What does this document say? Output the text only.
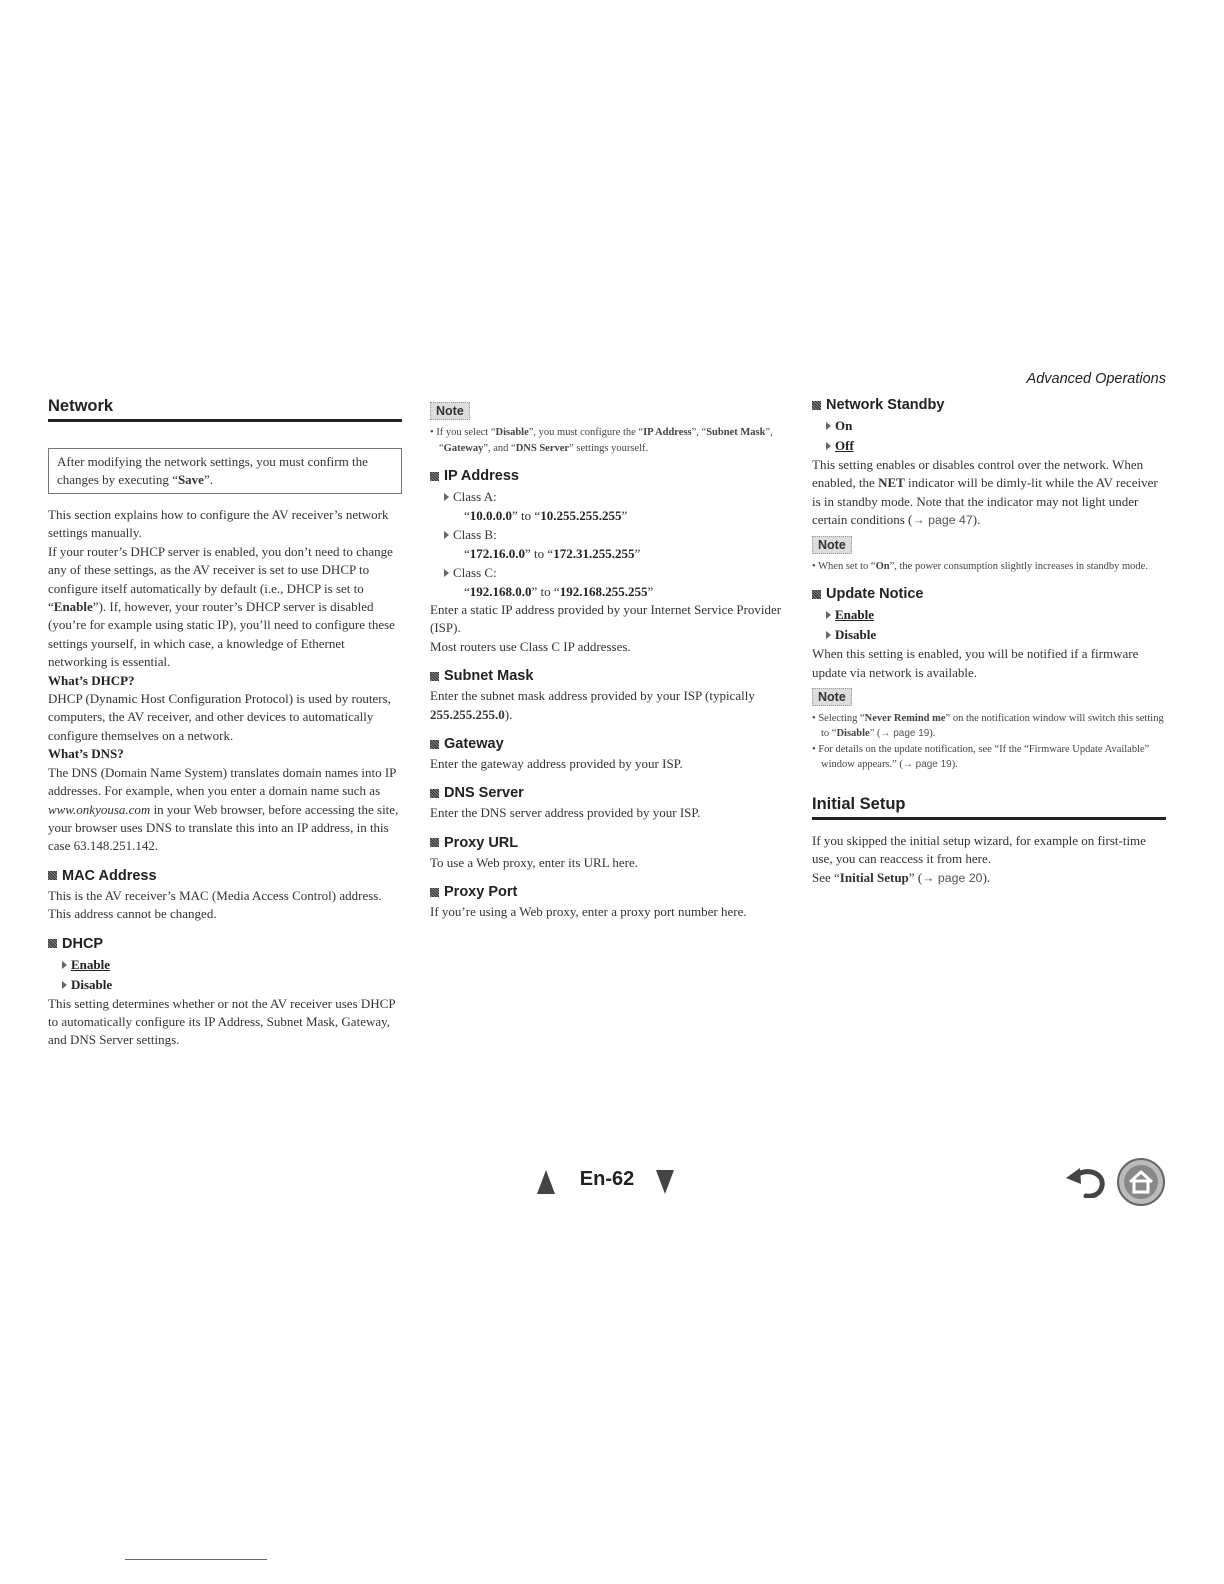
Advanced Operations
Network
After modifying the network settings, you must confirm the changes by executing “Save”.

This section explains how to configure the AV receiver’s network settings manually.

If your router’s DHCP server is enabled, you don’t need to change any of these settings, as the AV receiver is set to use DHCP to configure itself automatically by default (i.e., DHCP is set to “Enable”). If, however, your router’s DHCP server is disabled (you’re for example using static IP), you’ll need to configure these settings yourself, in which case, a knowledge of Ethernet networking is essential.

What’s DHCP?

DHCP (Dynamic Host Configuration Protocol) is used by routers, computers, the AV receiver, and other devices to automatically configure themselves on a network.

What’s DNS?

The DNS (Domain Name System) translates domain names into IP addresses. For example, when you enter a domain name such as www.onkyousa.com in your Web browser, before accessing the site, your browser uses DNS to translate this into an IP address, in this case 63.148.251.142.

MAC Address

This is the AV receiver’s MAC (Media Access Control) address. This address cannot be changed.

DHCP
Enable
Disable

This setting determines whether or not the AV receiver uses DHCP to automatically configure its IP Address, Subnet Mask, Gateway, and DNS Server settings.

Note
• If you select “Disable”, you must configure the “IP Address”, “Subnet Mask”, “Gateway”, and “DNS Server” settings yourself.
IP Address
Class A:
“10.0.0.0” to “10.255.255.255”
Class B:
“172.16.0.0” to “172.31.255.255”
Class C:
“192.168.0.0” to “192.168.255.255”

Enter a static IP address provided by your Internet Service Provider (ISP).

Most routers use Class C IP addresses.

Subnet Mask

Enter the subnet mask address provided by your ISP (typically 255.255.255.0).

Gateway

Enter the gateway address provided by your ISP.

DNS Server

Enter the DNS server address provided by your ISP.

Proxy URL

To use a Web proxy, enter its URL here.

Proxy Port

If you’re using a Web proxy, enter a proxy port number here.

Network Standby
On
Off

This setting enables or disables control over the network. When enabled, the NET indicator will be dimly-lit while the AV receiver is in standby mode. Note that the indicator may not light under certain conditions (→ page 47).

Note
• When set to “On”, the power consumption slightly increases in standby mode.
Update Notice
Enable
Disable

When this setting is enabled, you will be notified if a firmware update via network is available.

Note
• Selecting “Never Remind me” on the notification window will switch this setting to “Disable” (→ page 19).
• For details on the update notification, see “If the “Firmware Update Available” window appears.” (→ page 19).
Initial Setup

If you skipped the initial setup wizard, for example on first-time use, you can reaccess it from here.

See “Initial Setup” (→ page 20).

En-62
